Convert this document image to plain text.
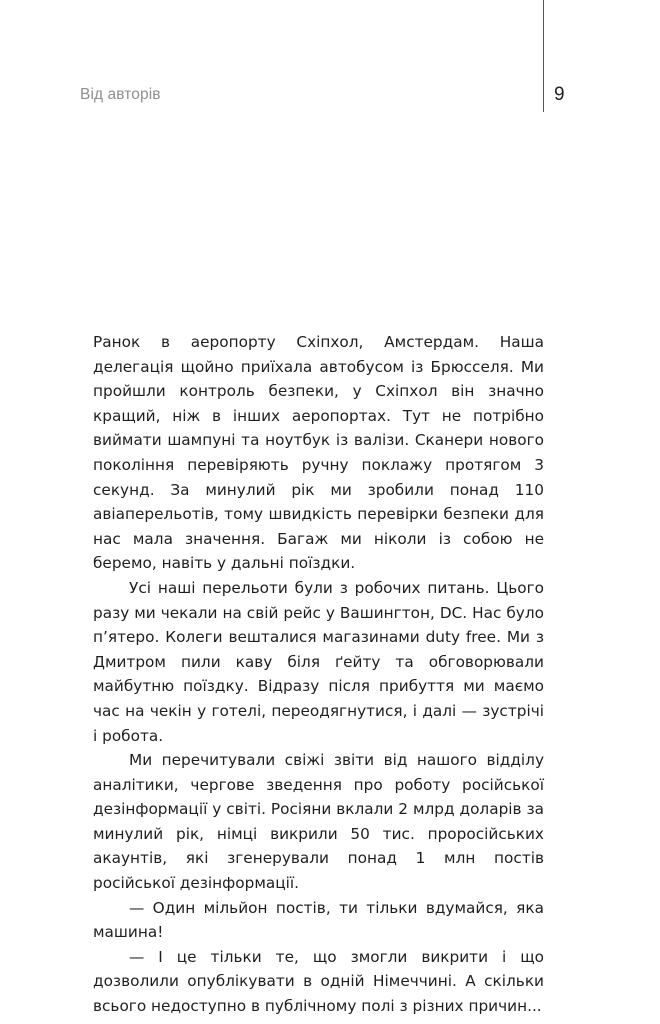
Від авторів	9

Ранок в аеропорту Схіпхол, Амстердам. Наша делегація щойно приїхала автобусом із Брюсселя. Ми пройшли контроль безпеки, у Схіпхол він значно кращий, ніж в інших аеропортах. Тут не потрібно виймати шампуні та ноутбук із валізи. Сканери нового покоління перевіряють ручну поклажу протягом 3 секунд. За минулий рік ми зробили понад 110 авіаперельотів, тому швидкість перевірки безпеки для нас мала значення. Багаж ми ніколи із собою не беремо, навіть у дальні поїздки.

Усі наші перельоти були з робочих питань. Цього разу ми чекали на свій рейс у Вашингтон, DC. Нас було п’ятеро. Колеги вешталися магазинами duty free. Ми з Дмитром пили каву біля ґейту та обговорювали майбутню поїздку. Відразу після прибуття ми маємо час на чекін у готелі, переодягнутися, і далі — зустрічі і робота.

Ми перечитували свіжі звіти від нашого відділу аналітики, чергове зведення про роботу російської дезінформації у світі. Росіяни вклали 2 млрд доларів за минулий рік, німці викрили 50 тис. проросійських акаунтів, які згенерували понад 1 млн постів російської дезінформації.

— Один мільйон постів, ти тільки вдумайся, яка машина!

— І це тільки те, що змогли викрити і що дозволили опублікувати в одній Німеччині. А скільки всього недоступно в публічному полі з різних причин...
